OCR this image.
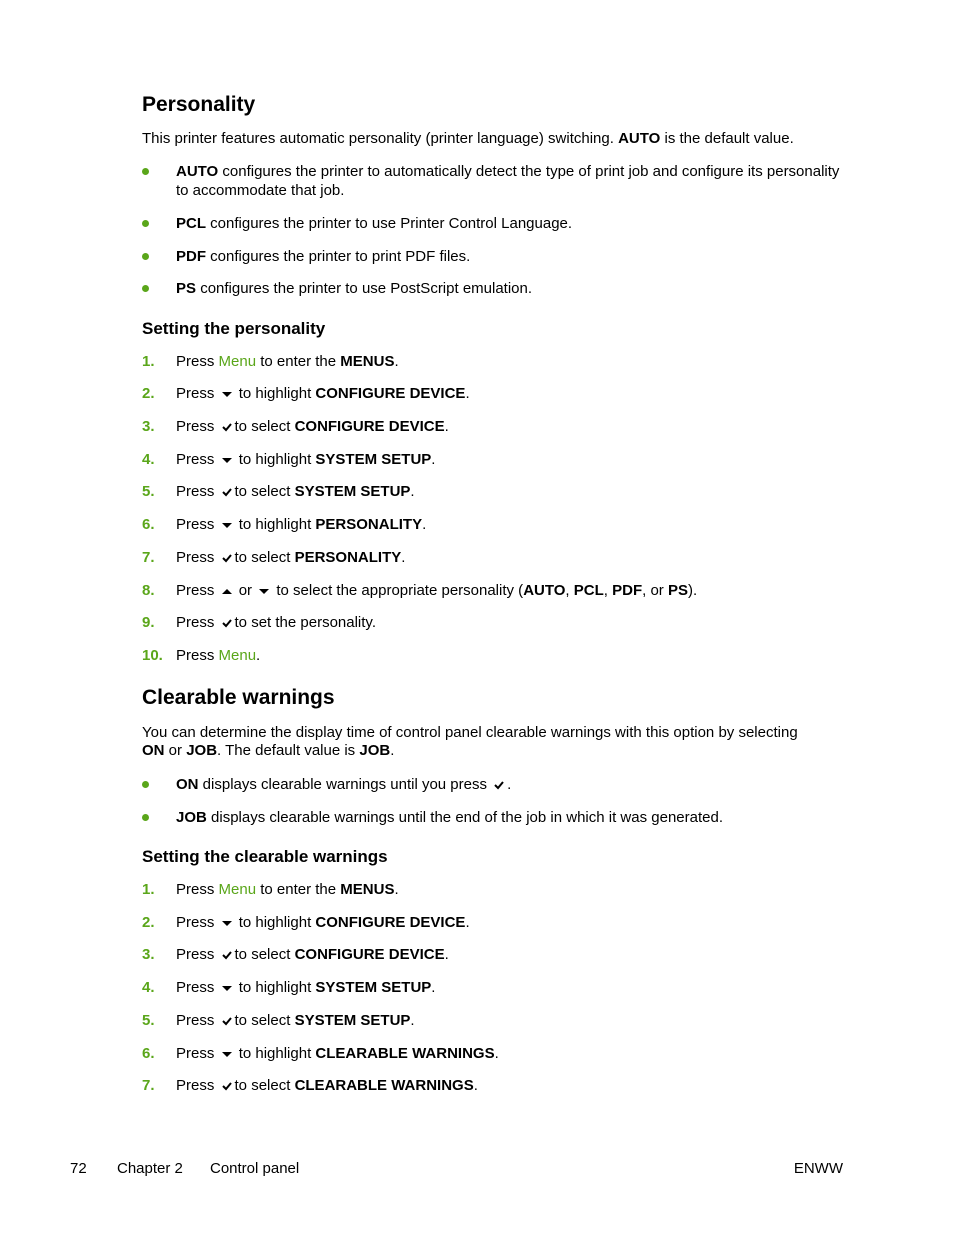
Personality

This printer features automatic personality (printer language) switching. AUTO is the default value.

AUTO configures the printer to automatically detect the type of print job and configure its personality to accommodate that job.
PCL configures the printer to use Printer Control Language.
PDF configures the printer to print PDF files.
PS configures the printer to use PostScript emulation.
Setting the personality
1. Press Menu to enter the MENUS.
2. Press to highlight CONFIGURE DEVICE.
3. Press to select CONFIGURE DEVICE.
4. Press to highlight SYSTEM SETUP.
5. Press to select SYSTEM SETUP.
6. Press to highlight PERSONALITY.
7. Press to select PERSONALITY.
8. Press or to select the appropriate personality (AUTO, PCL, PDF, or PS).
9. Press to set the personality.
10. Press Menu.
Clearable warnings

You can determine the display time of control panel clearable warnings with this option by selecting
ON or JOB. The default value is JOB.

ON displays clearable warnings until you press .
JOB displays clearable warnings until the end of the job in which it was generated.
Setting the clearable warnings
1. Press Menu to enter the MENUS.
2. Press to highlight CONFIGURE DEVICE.
3. Press to select CONFIGURE DEVICE.
4. Press to highlight SYSTEM SETUP.
5. Press to select SYSTEM SETUP.
6. Press to highlight CLEARABLE WARNINGS.
7. Press to select CLEARABLE WARNINGS.
72 Chapter 2 Control panel	ENWW
